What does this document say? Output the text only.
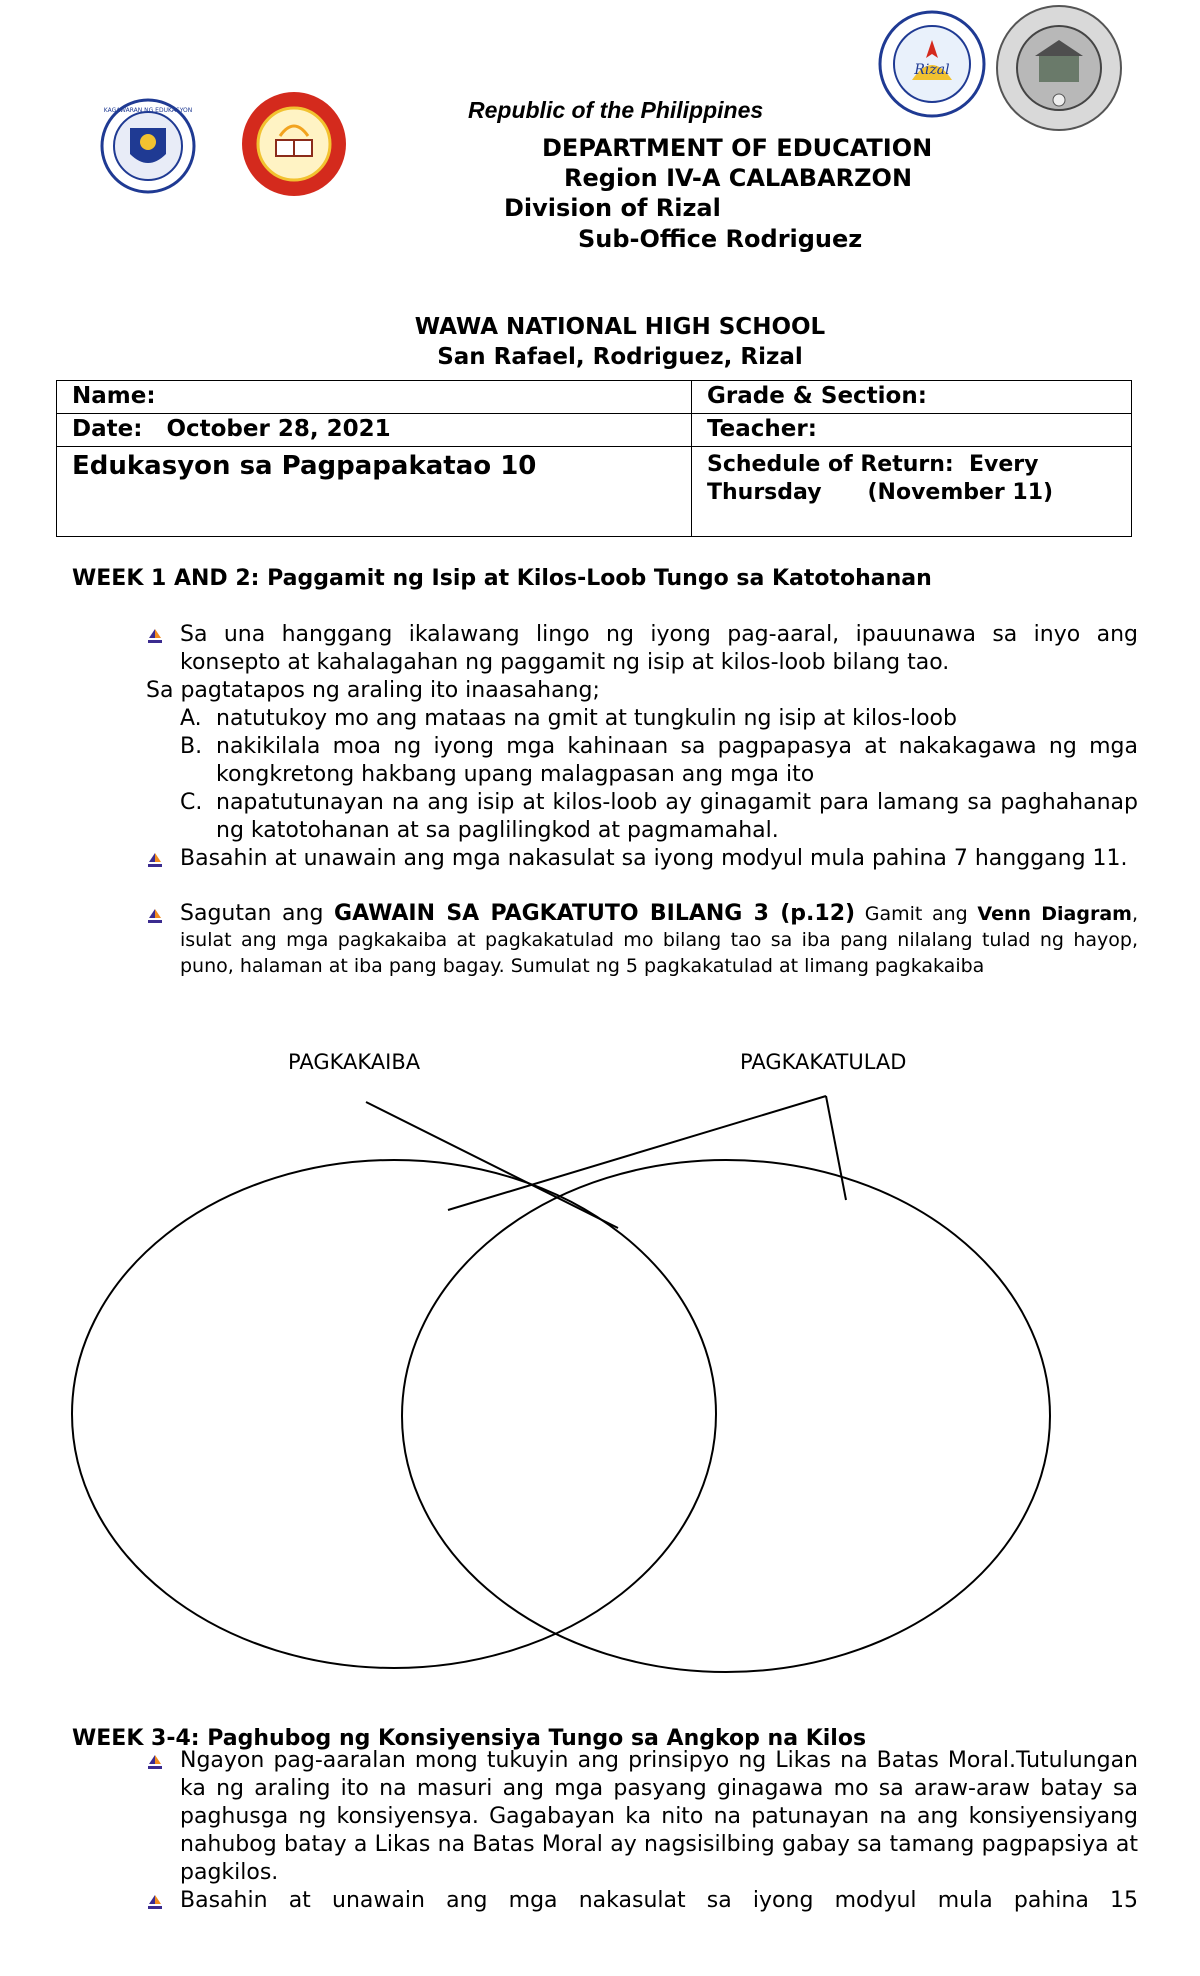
KAGAWARAN NG EDUKASYON
Rizal
Republic of the Philippines
DEPARTMENT OF EDUCATION
Region IV-A CALABARZON
Division of Rizal
Sub-Office Rodriguez
WAWA NATIONAL HIGH SCHOOL
San Rafael, Rodriguez, Rizal
Name:	Grade & Section:
Date: October 28, 2021	Teacher:
Edukasyon sa Pagpapakatao 10	Schedule of Return:  Every
Thursday      (November 11)
WEEK 1 AND 2: Paggamit ng Isip at Kilos-Loob Tungo sa Katotohanan
Sa una hanggang ikalawang lingo ng iyong pag-aaral, ipauunawa sa inyo ang konsepto at kahalagahan ng paggamit ng isip at kilos-loob bilang tao.
Sa pagtatapos ng araling ito inaasahang;
A. natutukoy mo ang mataas na gmit at tungkulin ng isip at kilos-loob
B. nakikilala moa ng iyong mga kahinaan sa pagpapasya at nakakagawa ng mga kongkretong hakbang upang malagpasan ang mga ito
C. napatutunayan na ang isip at kilos-loob ay ginagamit para lamang sa paghahanap ng katotohanan at sa paglilingkod at pagmamahal.
Basahin at unawain ang mga nakasulat sa iyong modyul mula pahina 7 hanggang 11.
Sagutan ang GAWAIN SA PAGKATUTO BILANG 3 (p.12) Gamit ang Venn Diagram, isulat ang mga pagkakaiba at pagkakatulad mo bilang tao sa iba pang nilalang tulad ng hayop, puno, halaman at iba pang bagay. Sumulat ng 5 pagkakatulad at limang pagkakaiba
PAGKAKAIBA	PAGKAKATULAD
WEEK 3-4: Paghubog ng Konsiyensiya Tungo sa Angkop na Kilos
Ngayon pag-aaralan mong tukuyin ang prinsipyo ng Likas na Batas Moral.Tutulungan ka ng araling ito na masuri ang mga pasyang ginagawa mo sa araw-araw batay sa paghusga ng konsiyensya. Gagabayan ka nito na patunayan na ang konsiyensiyang nahubog batay a Likas na Batas Moral ay nagsisilbing gabay sa tamang pagpapsiya at pagkilos.
Basahin at unawain ang mga nakasulat sa iyong modyul mula pahina 15
